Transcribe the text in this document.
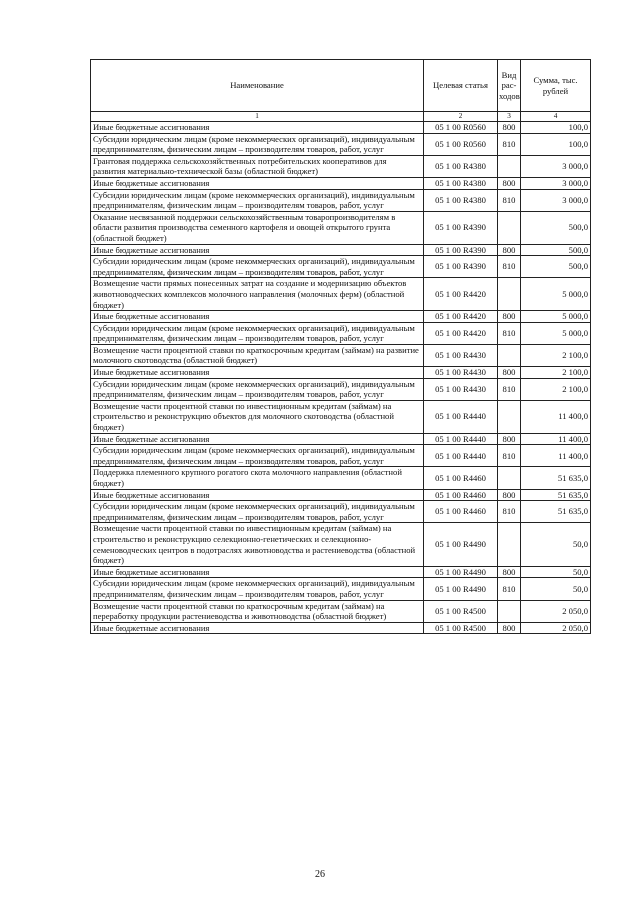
Наименование	Целевая статья	Вид рас-ходов	Сумма, тыс. рублей
1	2	3	4
Иные бюджетные ассигнования	05 1 00 R0560	800	100,0
Субсидии юридическим лицам (кроме некоммерческих организаций), индивидуальным предпринимателям, физическим лицам – производителям товаров, работ, услуг	05 1 00 R0560	810	100,0
Грантовая поддержка сельскохозяйственных потребительских кооперативов для развития материально-технической базы (областной бюджет)	05 1 00 R4380		3 000,0
Иные бюджетные ассигнования	05 1 00 R4380	800	3 000,0
Субсидии юридическим лицам (кроме некоммерческих организаций), индивидуальным предпринимателям, физическим лицам – производителям товаров, работ, услуг	05 1 00 R4380	810	3 000,0
Оказание несвязанной поддержки сельскохозяйственным товаропроизводителям в области развития производства семенного картофеля и овощей открытого грунта (областной бюджет)	05 1 00 R4390		500,0
Иные бюджетные ассигнования	05 1 00 R4390	800	500,0
Субсидии юридическим лицам (кроме некоммерческих организаций), индивидуальным предпринимателям, физическим лицам – производителям товаров, работ, услуг	05 1 00 R4390	810	500,0
Возмещение части прямых понесенных затрат на создание и модернизацию объектов животноводческих комплексов молочного направления (молочных ферм) (областной бюджет)	05 1 00 R4420		5 000,0
Иные бюджетные ассигнования	05 1 00 R4420	800	5 000,0
Субсидии юридическим лицам (кроме некоммерческих организаций), индивидуальным предпринимателям, физическим лицам – производителям товаров, работ, услуг	05 1 00 R4420	810	5 000,0
Возмещение части процентной ставки по краткосрочным кредитам (займам) на развитие молочного скотоводства (областной бюджет)	05 1 00 R4430		2 100,0
Иные бюджетные ассигнования	05 1 00 R4430	800	2 100,0
Субсидии юридическим лицам (кроме некоммерческих организаций), индивидуальным предпринимателям, физическим лицам – производителям товаров, работ, услуг	05 1 00 R4430	810	2 100,0
Возмещение части процентной ставки по инвестиционным кредитам (займам) на строительство и реконструкцию объектов для молочного скотоводства (областной бюджет)	05 1 00 R4440		11 400,0
Иные бюджетные ассигнования	05 1 00 R4440	800	11 400,0
Субсидии юридическим лицам (кроме некоммерческих организаций), индивидуальным предпринимателям, физическим лицам – производителям товаров, работ, услуг	05 1 00 R4440	810	11 400,0
Поддержка племенного крупного рогатого скота молочного направления (областной бюджет)	05 1 00 R4460		51 635,0
Иные бюджетные ассигнования	05 1 00 R4460	800	51 635,0
Субсидии юридическим лицам (кроме некоммерческих организаций), индивидуальным предпринимателям, физическим лицам – производителям товаров, работ, услуг	05 1 00 R4460	810	51 635,0
Возмещение части процентной ставки по инвестиционным кредитам (займам) на строительство и реконструкцию селекционно-генетических и селекционно-семеноводческих центров в подотраслях животноводства и растениеводства (областной бюджет)	05 1 00 R4490		50,0
Иные бюджетные ассигнования	05 1 00 R4490	800	50,0
Субсидии юридическим лицам (кроме некоммерческих организаций), индивидуальным предпринимателям, физическим лицам – производителям товаров, работ, услуг	05 1 00 R4490	810	50,0
Возмещение части процентной ставки по краткосрочным кредитам (займам) на переработку продукции растениеводства и животноводства (областной бюджет)	05 1 00 R4500		2 050,0
Иные бюджетные ассигнования	05 1 00 R4500	800	2 050,0
26
